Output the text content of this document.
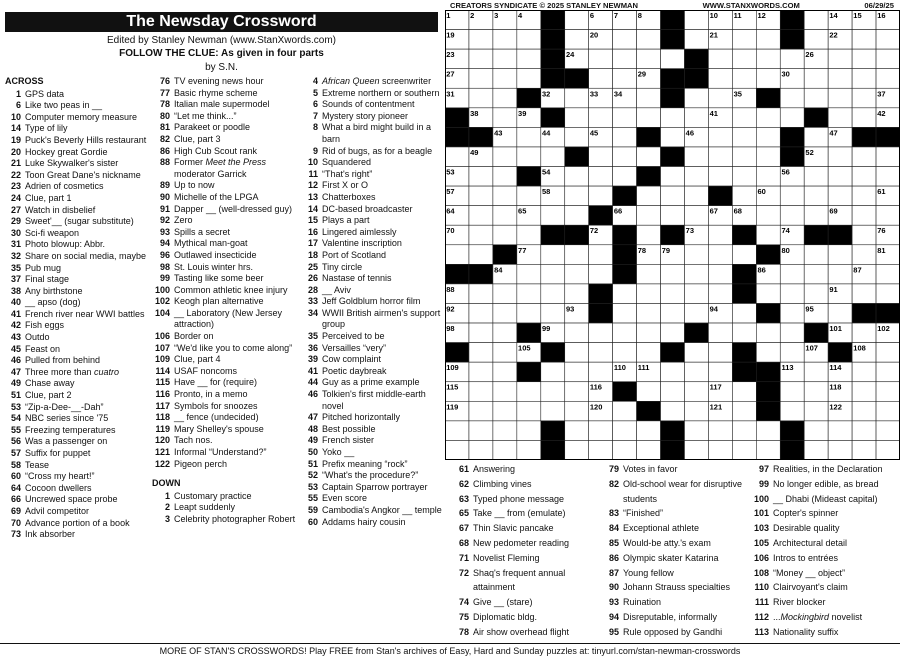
The Newsday Crossword
Edited by Stanley Newman (www.StanXwords.com)
FOLLOW THE CLUE: As given in four parts
by S.N.
ACROSS
1 GPS data
6 Like two peas in __
10 Computer memory measure
14 Type of lily
19 Puck's Beverly Hills restaurant
20 Hockey great Gordie
21 Luke Skywalker's sister
22 Toon Great Dane's nickname
23 Adrien of cosmetics
24 Clue, part 1
27 Watch in disbelief
29 Sweet'__ (sugar substitute)
30 Sci-fi weapon
31 Photo blowup: Abbr.
32 Share on social media, maybe
35 Pub mug
37 Final stage
38 Any birthstone
40 __ apso (dog)
41 French river near WWI battles
42 Fish eggs
43 Outdo
45 Feast on
46 Pulled from behind
47 Three more than cuatro
49 Chase away
51 Clue, part 2
53 “Zip-a-Dee-__-Dah”
54 NBC series since '75
55 Freezing temperatures
56 Was a passenger on
57 Suffix for puppet
58 Tease
60 “Cross my heart!”
64 Cocoon dwellers
66 Uncrewed space probe
69 Advil competitor
70 Advance portion of a book
73 Ink absorber
76 TV evening news hour
77 Basic rhyme scheme
78 Italian male supermodel
80 “Let me think...”
81 Parakeet or poodle
82 Clue, part 3
86 High Cub Scout rank
88 Former Meet the Press moderator Garrick
89 Up to now
90 Michelle of the LPGA
91 Dapper __ (well-dressed guy)
92 Zero
93 Spills a secret
94 Mythical man-goat
96 Outlawed insecticide
98 St. Louis winter hrs.
99 Tasting like some beer
100 Common athletic knee injury
102 Keogh plan alternative
104 __ Laboratory (New Jersey attraction)
106 Border on
107 “We'd like you to come along”
109 Clue, part 4
114 USAF noncoms
115 Have __ for (require)
116 Pronto, in a memo
117 Symbols for snoozes
118 __ fence (undecided)
119 Mary Shelley's spouse
120 Tach nos.
121 Informal “Understand?”
122 Pigeon perch
DOWN
1 Customary practice
2 Leapt suddenly
3 Celebrity photographer Robert
4 African Queen screenwriter
5 Extreme northern or southern
6 Sounds of contentment
7 Mystery story pioneer
8 What a bird might build in a barn
9 Rid of bugs, as for a beagle
10 Squandered
11 “That's right”
12 First X or O
13 Chatterboxes
14 DC-based broadcaster
15 Plays a part
16 Lingered aimlessly
17 Valentine inscription
18 Port of Scotland
25 Tiny circle
26 Nastase of tennis
28 __ Aviv
33 Jeff Goldblum horror film
34 WWII British airmen's support group
35 Perceived to be
36 Versailles “very”
39 Cow complaint
41 Poetic daybreak
44 Guy as a prime example
46 Tolkien's first middle-earth novel
47 Pitched horizontally
48 Best possible
49 French sister
50 Yoko __
51 Prefix meaning “rock”
52 “What's the procedure?”
53 Captain Sparrow portrayer
55 Even score
59 Cambodia's Angkor __ temple
60 Addams hairy cousin
CREATORS SYNDICATE © 2025 STANLEY NEWMAN	WWW.STANXWORDS.COM	06/29/25
1	2	3	4	6	7	8	10 11 12	14 15 16
19	20	21	22
23	24	26
27	29	30
31	32	33 34	35	37
38	39	41	42
43	44	45	46	47
49	52
53	54	56
57	58	60	61
64	65	66	67 68	69
70	72	73	74	76
77	78 79	80	81
84	86	87
88	91
92	93	94	95
98	99	101	102
105	107	108
109	110 111	113	114
115	116	117	118
119	120	121	122
61 Answering
62 Climbing vines
63 Typed phone message
65 Take __ from (emulate)
67 Thin Slavic pancake
68 New pedometer reading
71 Novelist Fleming
72 Shaq's frequent annual attainment
74 Give __ (stare)
75 Diplomatic bldg.
78 Air show overhead flight
79 Votes in favor
82 Old-school wear for disruptive students
83 “Finished”
84 Exceptional athlete
85 Would-be atty.'s exam
86 Olympic skater Katarina
87 Young fellow
90 Johann Strauss specialties
93 Ruination
94 Disreputable, informally
95 Rule opposed by Gandhi
97 Realities, in the Declaration
99 No longer edible, as bread
100 __ Dhabi (Mideast capital)
101 Copter's spinner
103 Desirable quality
105 Architectural detail
106 Intros to entrées
108 “Money __ object”
110 Clairvoyant's claim
111 River blocker
112 ...Mockingbird novelist
113 Nationality suffix
MORE OF STAN'S CROSSWORDS! Play FREE from Stan's archives of Easy, Hard and Sunday puzzles at: tinyurl.com/stan-newman-crosswords
